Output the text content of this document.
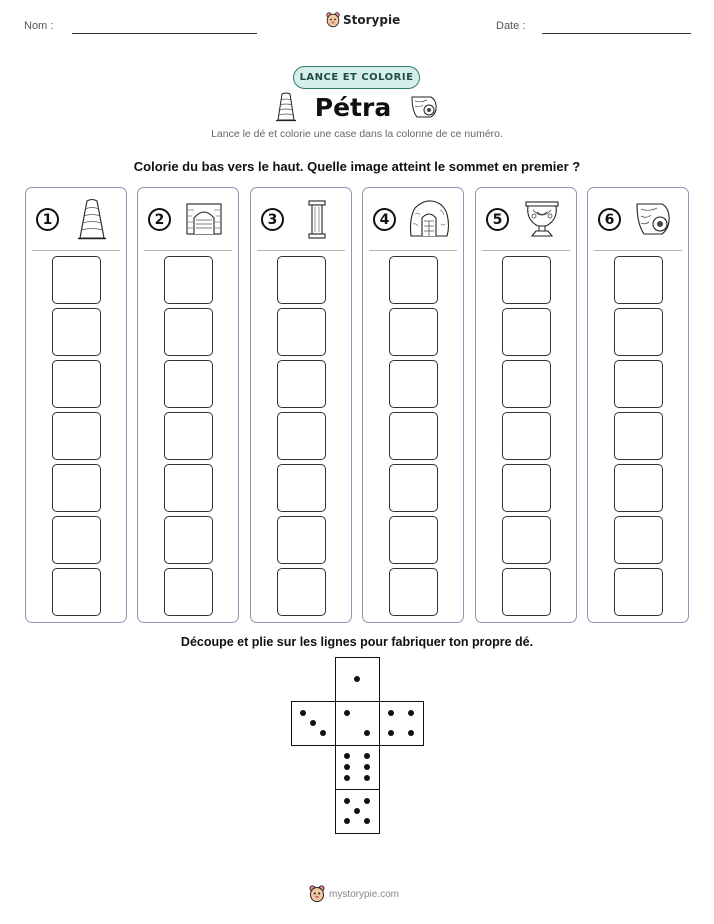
Nom :	Storypie	Date :
LANCE ET COLORIE
Pétra
Lance le dé et colorie une case dans la colonne de ce numéro.
Colorie du bas vers le haut. Quelle image atteint le sommet en premier ?
1	2	3	4	5	6
Découpe et plie sur les lignes pour fabriquer ton propre dé.
mystorypie.com
